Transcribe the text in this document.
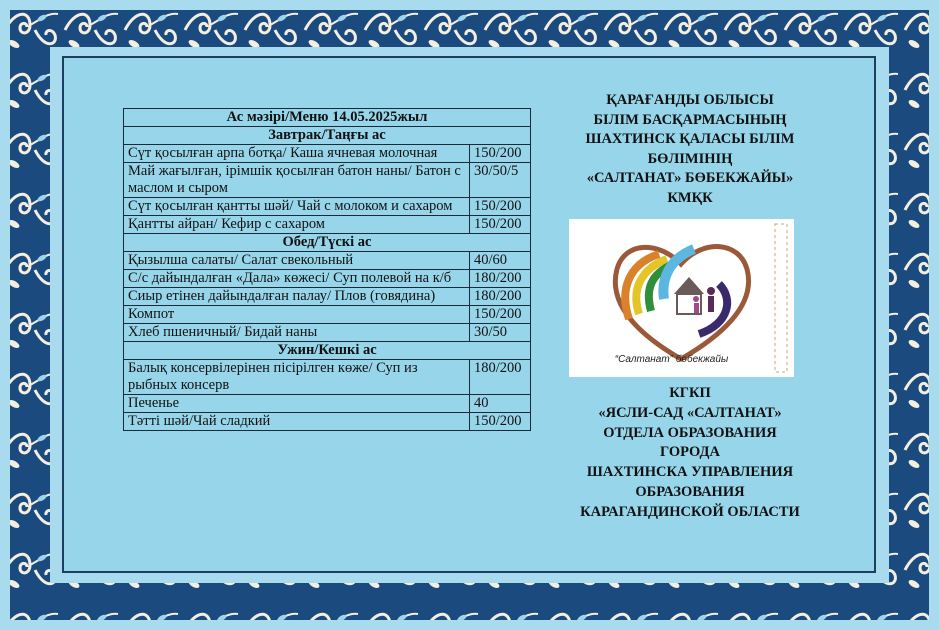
Ас мәзірі/Меню 14.05.2025жыл	
Завтрак/Таңғы ас	
Сүт қосылған арпа ботқа/ Каша ячневая молочная	150/200
Май жағылған, ірімшік қосылған батон наны/ Батон с маслом и сыром	30/50/5
Сүт қосылған қантты шәй/ Чай с молоком и сахаром	150/200
Қантты айран/ Кефир с сахаром	150/200
Обед/Түскі ас	
Қызылша салаты/ Салат свекольный	40/60
С/с дайындалған «Дала» көжесі/ Суп полевой на к/б	180/200
Сиыр етінен дайындалған палау/ Плов (говядина)	180/200
Компот	150/200
Хлеб пшеничный/ Бидай наны	30/50
Ужин/Кешкі ас	
Балық консервілерінен пісірілген көже/ Суп из рыбных консерв	180/200
Печенье	40
Тәтті шәй/Чай сладкий	150/200
ҚАРАҒАНДЫ ОБЛЫСЫ
БІЛІМ БАСҚАРМАСЫНЫҢ
ШАХТИНСК ҚАЛАСЫ БІЛІМ
БӨЛІМІНІҢ
«САЛТАНАТ» БӨБЕКЖАЙЫ»
КМҚК
“Салтанат” бөбекжайы
КГКП
«ЯСЛИ-САД «САЛТАНАТ»
ОТДЕЛА ОБРАЗОВАНИЯ
ГОРОДА
ШАХТИНСКА УПРАВЛЕНИЯ
ОБРАЗОВАНИЯ
КАРАГАНДИНСКОЙ ОБЛАСТИ
